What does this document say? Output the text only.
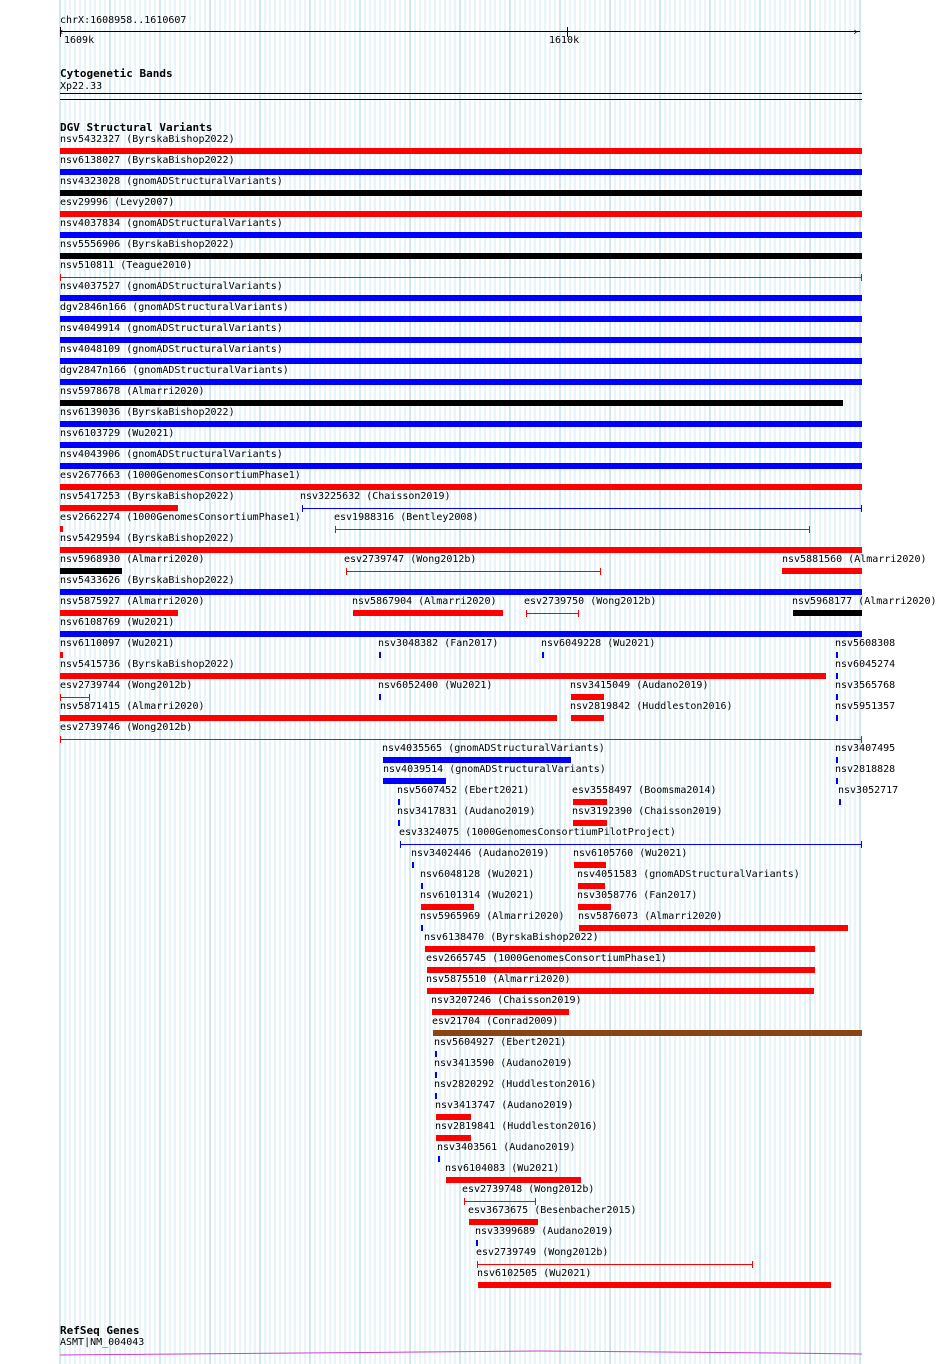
chrX:1608958..1610607
1609k	1610k
›
‹
Cytogenetic Bands
Xp22.33
DGV Structural Variants
nsv5432327 (ByrskaBishop2022)
nsv6138027 (ByrskaBishop2022)
nsv4323028 (gnomADStructuralVariants)
esv29996 (Levy2007)
nsv4037834 (gnomADStructuralVariants)
nsv5556906 (ByrskaBishop2022)
nsv510811 (Teague2010)
nsv4037527 (gnomADStructuralVariants)
dgv2846n166 (gnomADStructuralVariants)
nsv4049914 (gnomADStructuralVariants)
nsv4048109 (gnomADStructuralVariants)
dgv2847n166 (gnomADStructuralVariants)
nsv5978678 (Almarri2020)
nsv6139036 (ByrskaBishop2022)
nsv6103729 (Wu2021)
nsv4043906 (gnomADStructuralVariants)
esv2677663 (1000GenomesConsortiumPhase1)
nsv5417253 (ByrskaBishop2022)	nsv3225632 (Chaisson2019)
esv2662274 (1000GenomesConsortiumPhase1)	esv1988316 (Bentley2008)
nsv5429594 (ByrskaBishop2022)
nsv5968930 (Almarri2020)	esv2739747 (Wong2012b)	nsv5881560 (Almarri2020)
nsv5433626 (ByrskaBishop2022)
nsv5875927 (Almarri2020)	nsv5867904 (Almarri2020)	esv2739750 (Wong2012b)	nsv5968177 (Almarri2020)
nsv6108769 (Wu2021)
nsv6110097 (Wu2021)	nsv3048382 (Fan2017)	nsv6049228 (Wu2021)	nsv5608308
nsv5415736 (ByrskaBishop2022)	nsv6045274
esv2739744 (Wong2012b)	nsv6052400 (Wu2021)	nsv3415049 (Audano2019)	nsv3565768
nsv5871415 (Almarri2020)	nsv2819842 (Huddleston2016)	nsv5951357
esv2739746 (Wong2012b)
nsv4035565 (gnomADStructuralVariants)	nsv3407495
nsv4039514 (gnomADStructuralVariants)	nsv2818828
nsv5607452 (Ebert2021)	esv3558497 (Boomsma2014)	nsv3052717
nsv3417831 (Audano2019)	nsv3192390 (Chaisson2019)
esv3324075 (1000GenomesConsortiumPilotProject)
nsv3402446 (Audano2019) nsv6105760 (Wu2021)
nsv6048128 (Wu2021)	nsv4051583 (gnomADStructuralVariants)
nsv6101314 (Wu2021)	nsv3058776 (Fan2017)
nsv5965969 (Almarri2020) nsv5876073 (Almarri2020)
nsv6138470 (ByrskaBishop2022)
esv2665745 (1000GenomesConsortiumPhase1)
nsv5875510 (Almarri2020)
nsv3207246 (Chaisson2019)
esv21704 (Conrad2009)
nsv5604927 (Ebert2021)
nsv3413590 (Audano2019)
nsv2820292 (Huddleston2016)
nsv3413747 (Audano2019)
nsv2819841 (Huddleston2016)
nsv3403561 (Audano2019)
nsv6104083 (Wu2021)
esv2739748 (Wong2012b)
esv3673675 (Besenbacher2015)
nsv3399689 (Audano2019)
esv2739749 (Wong2012b)
nsv6102505 (Wu2021)
RefSeq Genes
ASMT|NM_004043
